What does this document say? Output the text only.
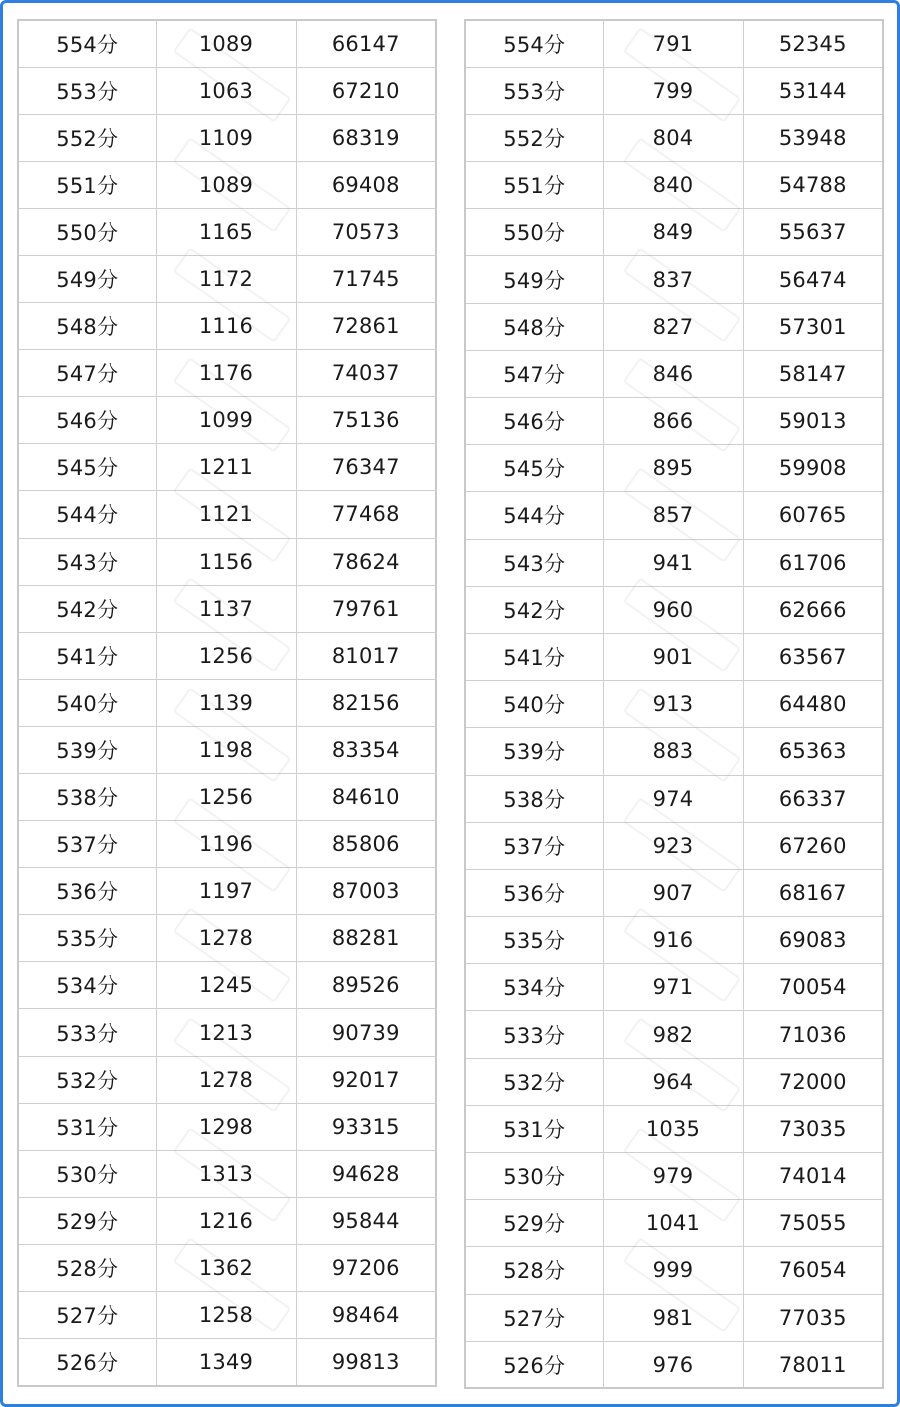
554分	1089	66147
553分	1063	67210
552分	1109	68319
551分	1089	69408
550分	1165	70573
549分	1172	71745
548分	1116	72861
547分	1176	74037
546分	1099	75136
545分	1211	76347
544分	1121	77468
543分	1156	78624
542分	1137	79761
541分	1256	81017
540分	1139	82156
539分	1198	83354
538分	1256	84610
537分	1196	85806
536分	1197	87003
535分	1278	88281
534分	1245	89526
533分	1213	90739
532分	1278	92017
531分	1298	93315
530分	1313	94628
529分	1216	95844
528分	1362	97206
527分	1258	98464
526分	1349	99813
554分	791	52345
553分	799	53144
552分	804	53948
551分	840	54788
550分	849	55637
549分	837	56474
548分	827	57301
547分	846	58147
546分	866	59013
545分	895	59908
544分	857	60765
543分	941	61706
542分	960	62666
541分	901	63567
540分	913	64480
539分	883	65363
538分	974	66337
537分	923	67260
536分	907	68167
535分	916	69083
534分	971	70054
533分	982	71036
532分	964	72000
531分	1035	73035
530分	979	74014
529分	1041	75055
528分	999	76054
527分	981	77035
526分	976	78011
